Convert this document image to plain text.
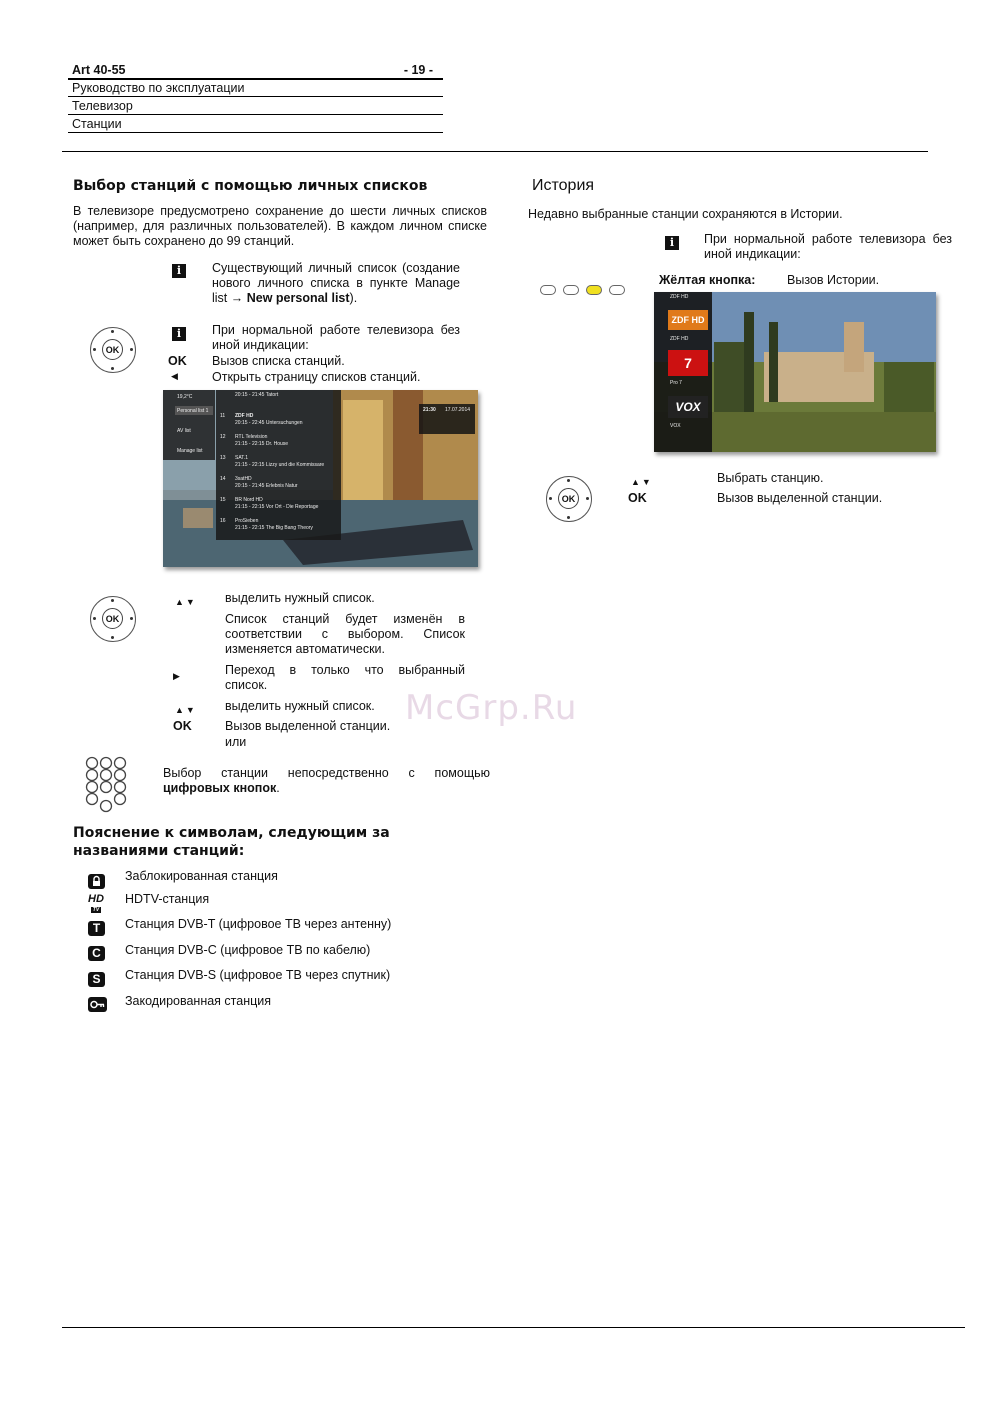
Art 40-55	- 19 -
Руководство по эксплуатации
Телевизор
Станции
Выбор станций с помощью личных списков
В телевизоре предусмотрено сохранение до шести личных списков (например, для различных пользователей). В каждом личном списке может быть сохранено до 99 станций.
i	Существующий личный список (создание нового личного списка в пункте Manage list → New personal list).
i	При нормальной работе телевизора без иной индикации:
OK
OK Вызов списка станций.
◀	Открыть страницу списков станций.
19,2°C
Personal list 1
AV list
Manage list
21:30 17.07.2014
20:15 - 21:45 Tatort
11 ZDF HD
20:15 - 22:45 Untersuchungen
12 RTL Television
21:15 - 22:15 Dr. House
13 SAT.1
21:15 - 22:15 Lizzy und die Kommissare
14 3satHD
20:15 - 21:45 Erlebnis Natur
15 BR Nord HD
21:15 - 22:15 Vor Ort - Die Reportage
16 ProSieben
21:15 - 22:15 The Big Bang Theory
OK
▲▼ выделить нужный список.
Список станций будет изменён в соответствии с выбором. Список изменяется автоматически.
▶	Переход в только что выбранный список.
▲▼ выделить нужный список.
OK	Вызов выделенной станции.
или
Выбор станции непосредственно с помощью цифровых кнопок.
Пояснение к символам, следующим за названиями станций:
Заблокированная станция
HD
TV
HDTV-станция
T	Станция DVB-T (цифровое ТВ через антенну)
C	Станция DVB-C (цифровое ТВ по кабелю)
S	Станция DVB-S (цифровое ТВ через спутник)
Закодированная станция
История
Недавно выбранные станции сохраняются в Истории.
i	При нормальной работе телевизора без иной индикации:
Жёлтая кнопка:	Вызов Истории.
ZDF HD
ZDF HD
7
Pro 7
VOX
VOX
ZDF HD
OK
▲▼	Выбрать станцию.
OK	Вызов выделенной станции.
McGrp.Ru
